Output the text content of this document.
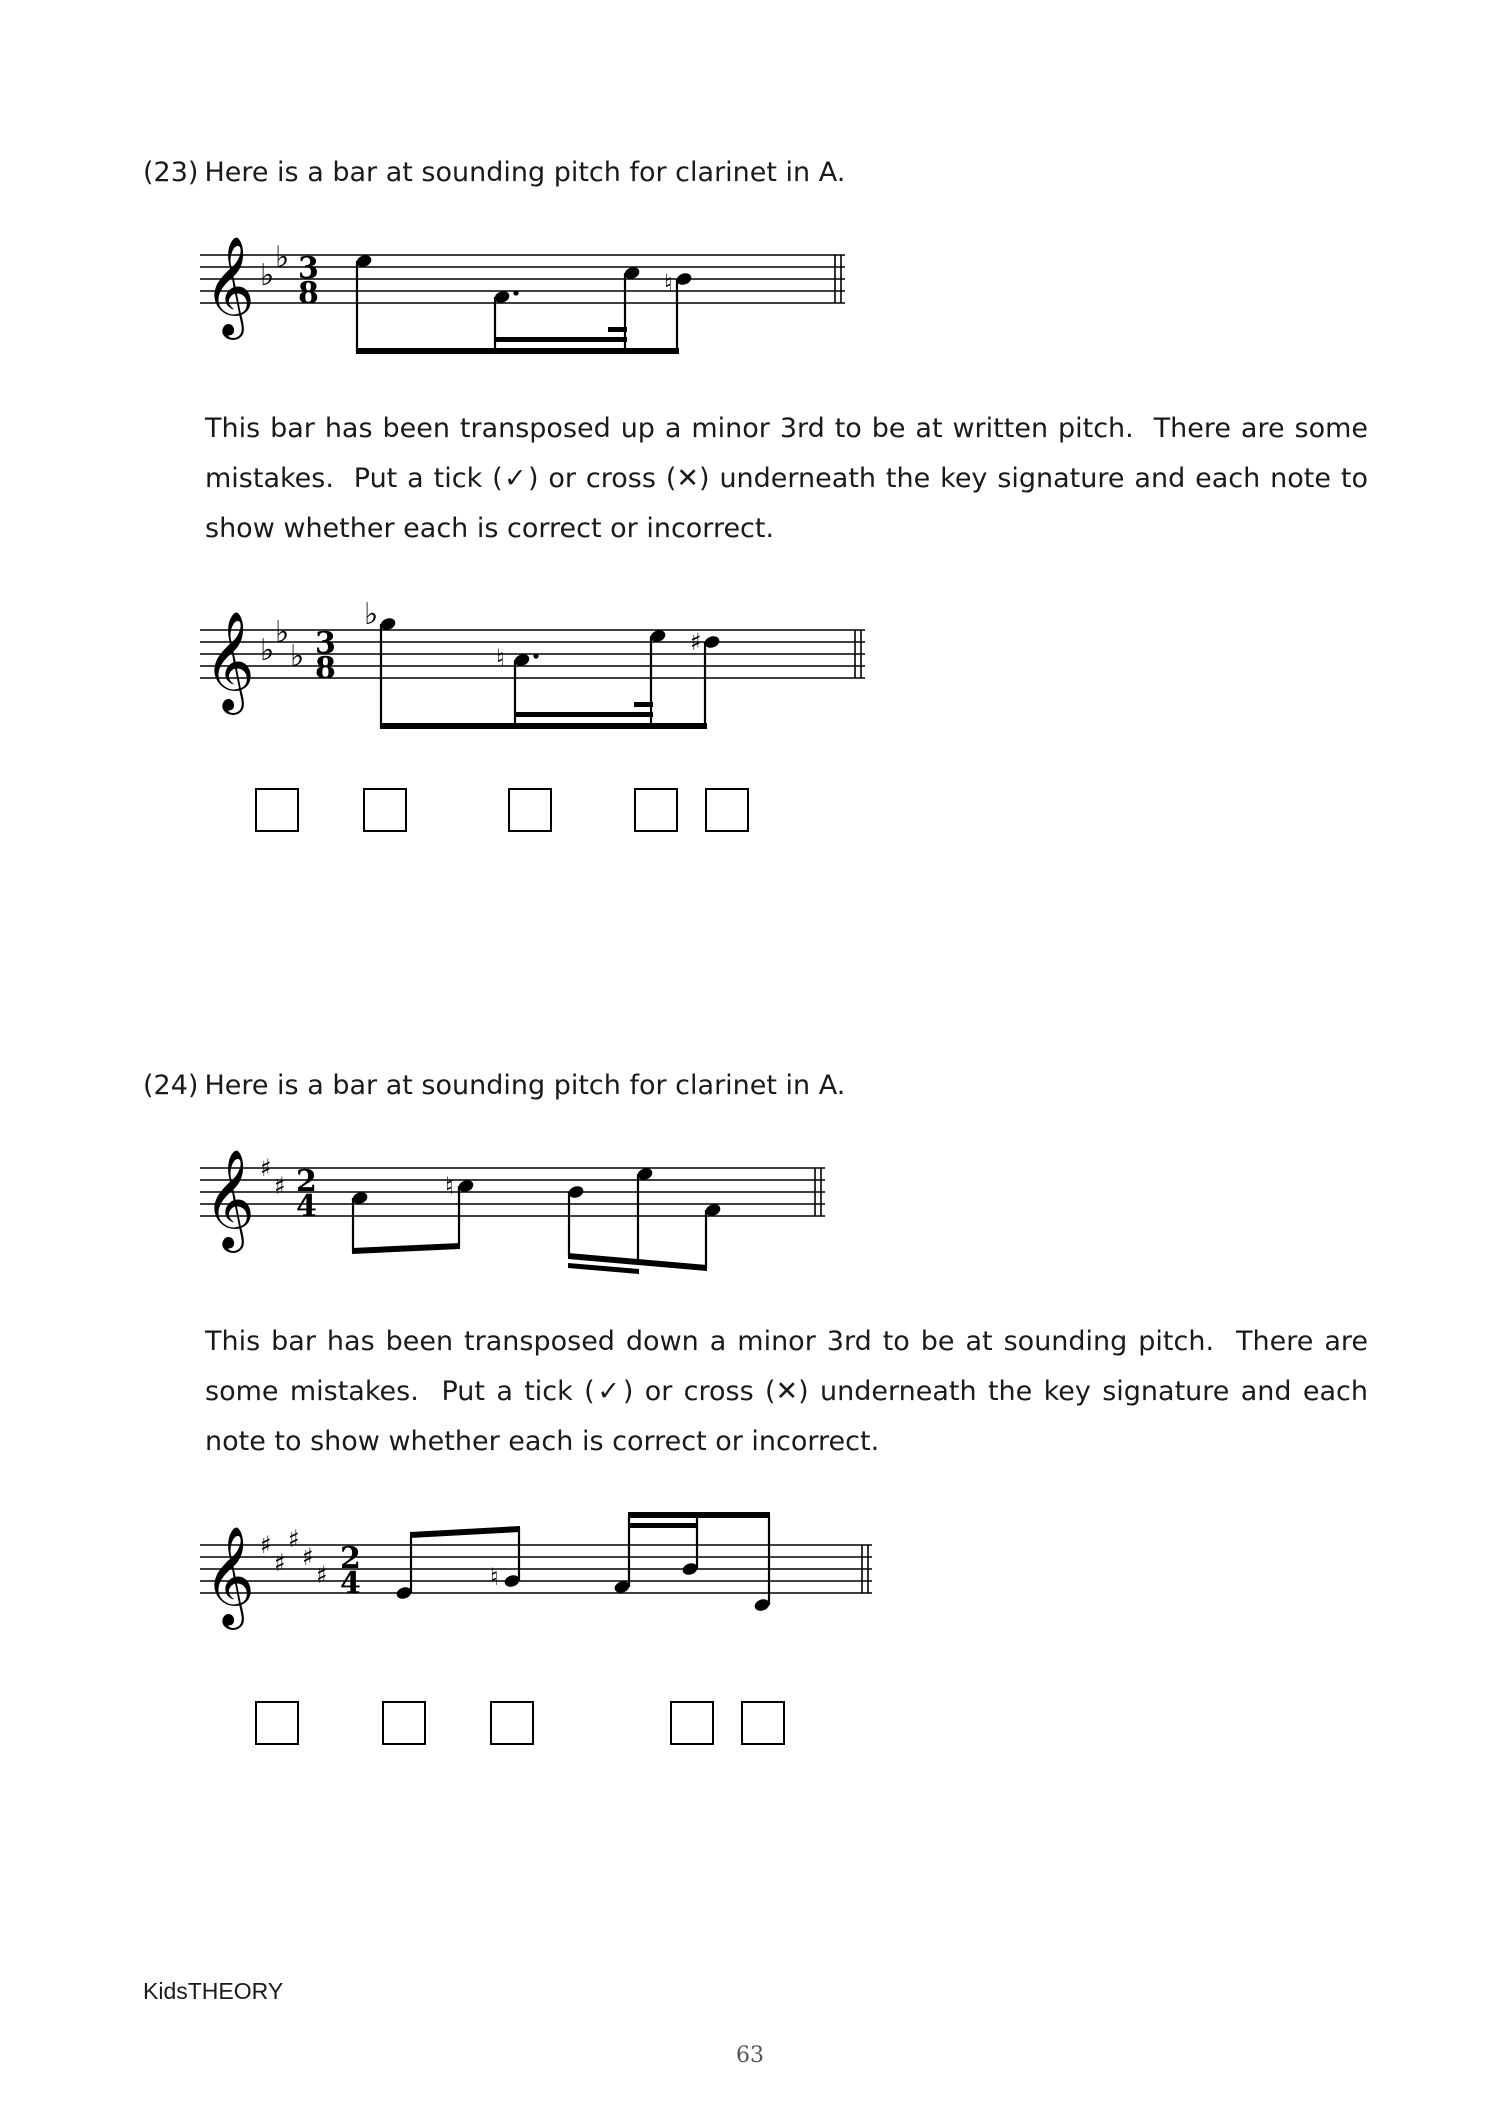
(23) Here is a bar at sounding pitch for clarinet in A.
𝄞 ♭
♭ 3
8	♮

This bar has been transposed up a minor 3rd to be at written pitch. There are some mistakes. Put a tick (✓) or cross (✕) underneath the key signature and each note to show whether each is correct or incorrect.

𝄞 ♭
♭
♭ 3
8
♭
♮
♯
(24) Here is a bar at sounding pitch for clarinet in A.
𝄞 ♯
♯ 2
4
♮

This bar has been transposed down a minor 3rd to be at sounding pitch. There are some mistakes. Put a tick (✓) or cross (✕) underneath the key signature and each note to show whether each is correct or incorrect.

𝄞 ♯
♯
♯
♯
♯ 2
4	♮
KidsTHEORY
63
